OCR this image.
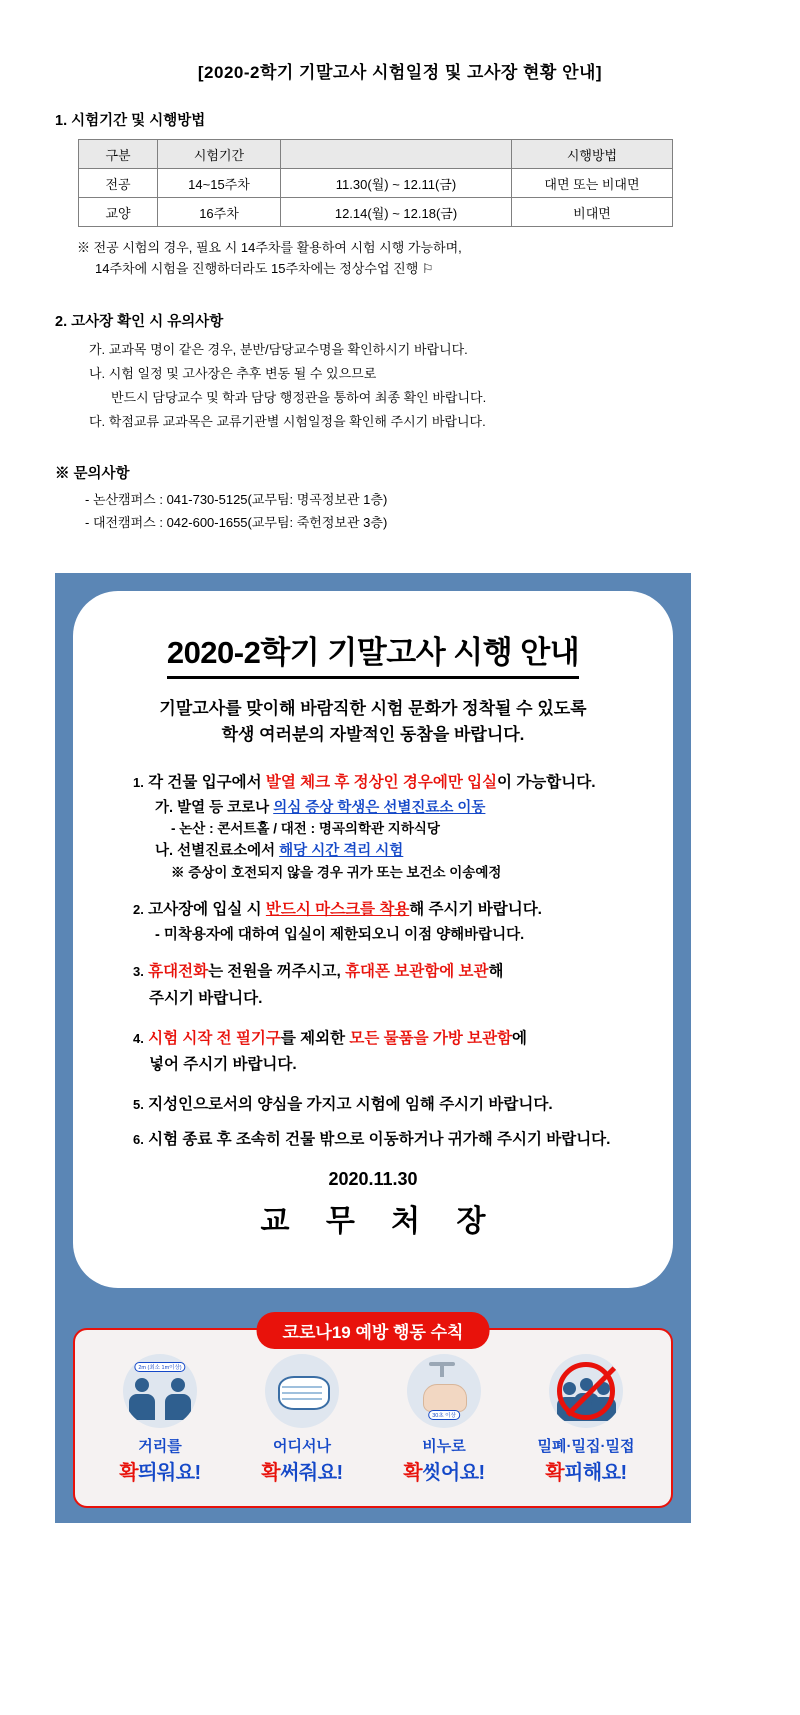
[2020-2학기 기말고사 시험일정 및 고사장 현황 안내]
1. 시험기간 및 시행방법
구분	시험기간		시행방법
전공	14~15주차	11.30(월) ~ 12.11(금)	대면 또는 비대면
교양	16주차	12.14(월) ~ 12.18(금)	비대면
※ 전공 시험의 경우, 필요 시 14주차를 활용하여 시험 시행 가능하며,
14주차에 시험을 진행하더라도 15주차에는 정상수업 진행 ⚐
2. 고사장 확인 시 유의사항
가. 교과목 명이 같은 경우, 분반/담당교수명을 확인하시기 바랍니다.
나. 시험 일정 및 고사장은 추후 변동 될 수 있으므로
반드시 담당교수 및 학과 담당 행정관을 통하여 최종 확인 바랍니다.
다. 학점교류 교과목은 교류기관별 시험일정을 확인해 주시기 바랍니다.
※ 문의사항
- 논산캠퍼스 : 041-730-5125(교무팀: 명곡정보관 1층)
- 대전캠퍼스 : 042-600-1655(교무팀: 죽헌정보관 3층)
2020-2학기 기말고사 시행 안내
기말고사를 맞이해 바람직한 시험 문화가 정착될 수 있도록
학생 여러분의 자발적인 동참을 바랍니다.
1. 각 건물 입구에서 발열 체크 후 정상인 경우에만 입실이 가능합니다.
가. 발열 등 코로나 의심 증상 학생은 선별진료소 이동
- 논산 : 콘서트홀 / 대전 : 명곡의학관 지하식당
나. 선별진료소에서 해당 시간 격리 시험
※ 증상이 호전되지 않을 경우 귀가 또는 보건소 이송예정
2. 고사장에 입실 시 반드시 마스크를 착용해 주시기 바랍니다.
- 미착용자에 대하여 입실이 제한되오니 이점 양해바랍니다.
3. 휴대전화는 전원을 꺼주시고, 휴대폰 보관함에 보관해
주시기 바랍니다.
4. 시험 시작 전 필기구를 제외한 모든 물품을 가방 보관함에
넣어 주시기 바랍니다.
5. 지성인으로서의 양심을 가지고 시험에 임해 주시기 바랍니다.
6. 시험 종료 후 조속히 건물 밖으로 이동하거나 귀가해 주시기 바랍니다.
2020.11.30
교 무 처 장
코로나19 예방 행동 수칙
2m (최소 1m이상)
거리를
확띄워요!
어디서나
확써줘요!
30초 이상
비누로
확씻어요!
밀폐·밀집·밀접
확피해요!
